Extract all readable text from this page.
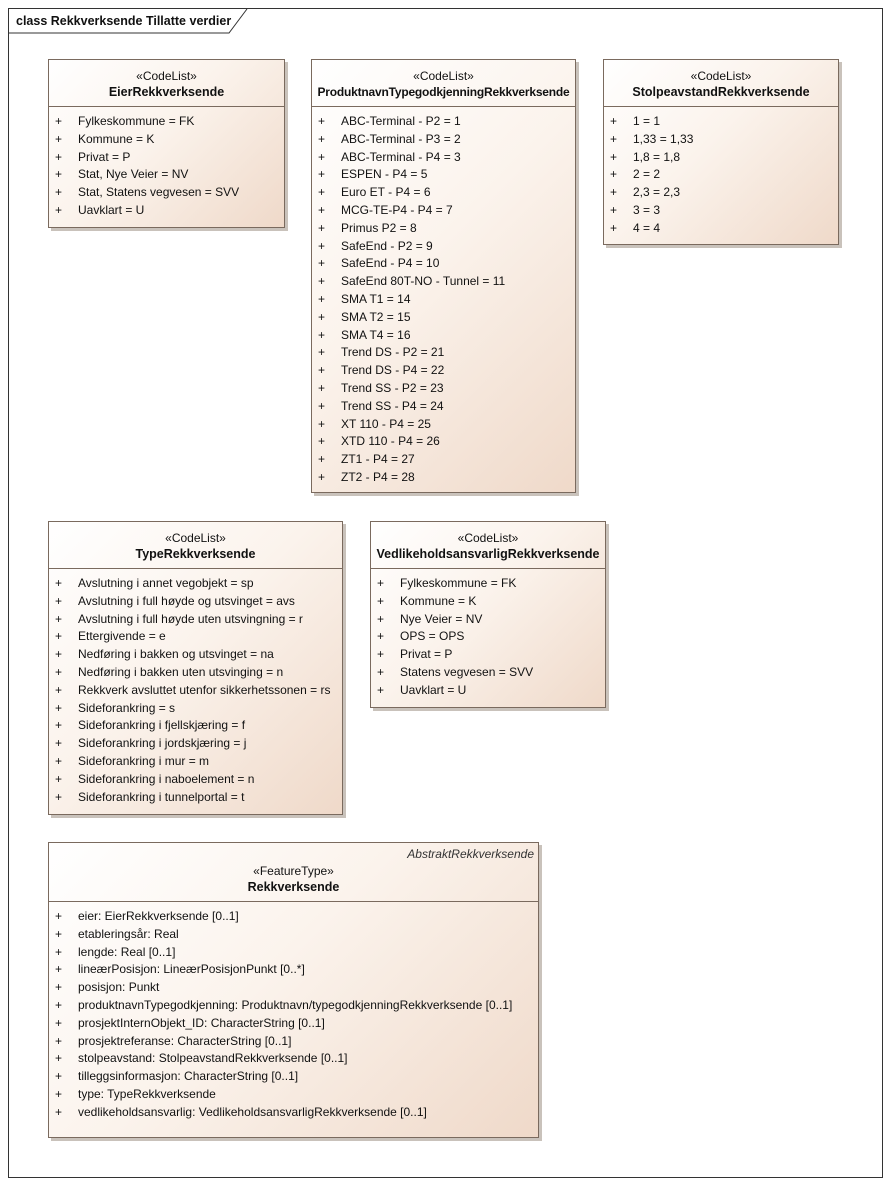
class Rekkverksende Tillatte verdier
«CodeList»
EierRekkverksende
+ Fylkeskommune = FK
+ Kommune = K
+ Privat = P
+ Stat, Nye Veier = NV
+ Stat, Statens vegvesen = SVV
+ Uavklart = U
«CodeList»
ProduktnavnTypegodkjenningRekkverksende
+ ABC-Terminal - P2 = 1
+ ABC-Terminal - P3 = 2
+ ABC-Terminal - P4 = 3
+ ESPEN - P4 = 5
+ Euro ET - P4 = 6
+ MCG-TE-P4 - P4 = 7
+ Primus P2 = 8
+ SafeEnd - P2 = 9
+ SafeEnd - P4 = 10
+ SafeEnd 80T-NO - Tunnel = 11
+ SMA T1 = 14
+ SMA T2 = 15
+ SMA T4 = 16
+ Trend DS - P2 = 21
+ Trend DS - P4 = 22
+ Trend SS - P2 = 23
+ Trend SS - P4 = 24
+ XT 110 - P4 = 25
+ XTD 110 - P4 = 26
+ ZT1 - P4 = 27
+ ZT2 - P4 = 28
«CodeList»
StolpeavstandRekkverksende
+ 1 = 1
+ 1,33 = 1,33
+ 1,8 = 1,8
+ 2 = 2
+ 2,3 = 2,3
+ 3 = 3
+ 4 = 4
«CodeList»
TypeRekkverksende
+ Avslutning i annet vegobjekt = sp
+ Avslutning i full høyde og utsvinget = avs
+ Avslutning i full høyde uten utsvingning = r
+ Ettergivende = e
+ Nedføring i bakken og utsvinget = na
+ Nedføring i bakken uten utsvinging = n
+ Rekkverk avsluttet utenfor sikkerhetssonen = rs
+ Sideforankring = s
+ Sideforankring i fjellskjæring = f
+ Sideforankring i jordskjæring = j
+ Sideforankring i mur = m
+ Sideforankring i naboelement = n
+ Sideforankring i tunnelportal = t
«CodeList»
VedlikeholdsansvarligRekkverksende
+ Fylkeskommune = FK
+ Kommune = K
+ Nye Veier = NV
+ OPS = OPS
+ Privat = P
+ Statens vegvesen = SVV
+ Uavklart = U
AbstraktRekkverksende
«FeatureType»
Rekkverksende
+ eier: EierRekkverksende [0..1]
+ etableringsår: Real
+ lengde: Real [0..1]
+ lineærPosisjon: LineærPosisjonPunkt [0..*]
+ posisjon: Punkt
+ produktnavnTypegodkjenning: Produktnavn/typegodkjenningRekkverksende [0..1]
+ prosjektInternObjekt_ID: CharacterString [0..1]
+ prosjektreferanse: CharacterString [0..1]
+ stolpeavstand: StolpeavstandRekkverksende [0..1]
+ tilleggsinformasjon: CharacterString [0..1]
+ type: TypeRekkverksende
+ vedlikeholdsansvarlig: VedlikeholdsansvarligRekkverksende [0..1]
